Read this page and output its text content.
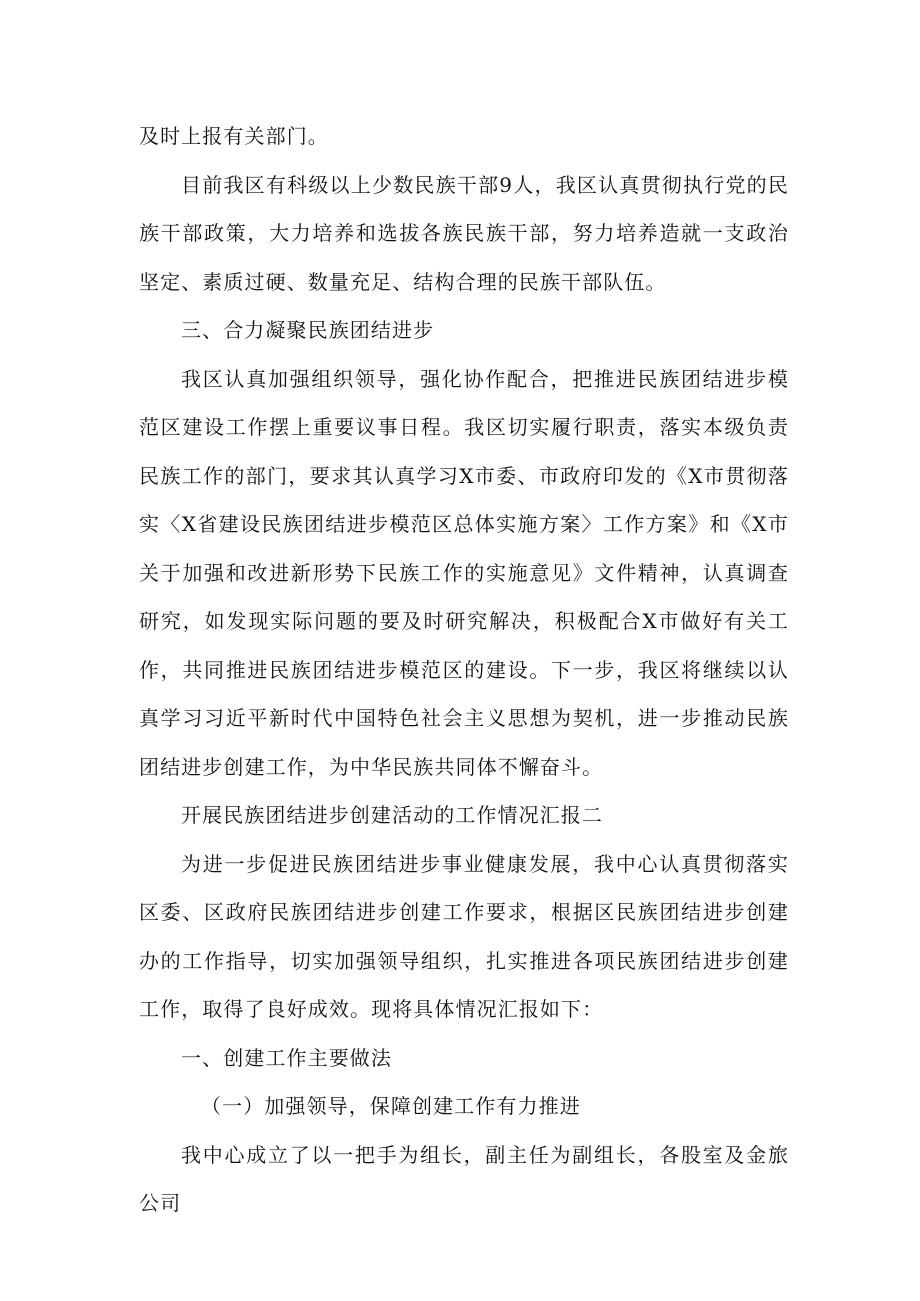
及时上报有关部门。

目前我区有科级以上少数民族干部9人，我区认真贯彻执行党的民族干部政策，大力培养和选拔各族民族干部，努力培养造就一支政治坚定、素质过硬、数量充足、结构合理的民族干部队伍。

三、合力凝聚民族团结进步

我区认真加强组织领导，强化协作配合，把推进民族团结进步模范区建设工作摆上重要议事日程。我区切实履行职责，落实本级负责民族工作的部门，要求其认真学习X市委、市政府印发的《X市贯彻落实〈X省建设民族团结进步模范区总体实施方案〉工作方案》和《X市关于加强和改进新形势下民族工作的实施意见》文件精神，认真调查研究，如发现实际问题的要及时研究解决，积极配合X市做好有关工作，共同推进民族团结进步模范区的建设。下一步，我区将继续以认真学习习近平新时代中国特色社会主义思想为契机，进一步推动民族团结进步创建工作，为中华民族共同体不懈奋斗。

开展民族团结进步创建活动的工作情况汇报二

为进一步促进民族团结进步事业健康发展，我中心认真贯彻落实区委、区政府民族团结进步创建工作要求，根据区民族团结进步创建办的工作指导，切实加强领导组织，扎实推进各项民族团结进步创建工作，取得了良好成效。现将具体情况汇报如下：

一、创建工作主要做法

（一）加强领导，保障创建工作有力推进

我中心成立了以一把手为组长，副主任为副组长，各股室及金旅公司
